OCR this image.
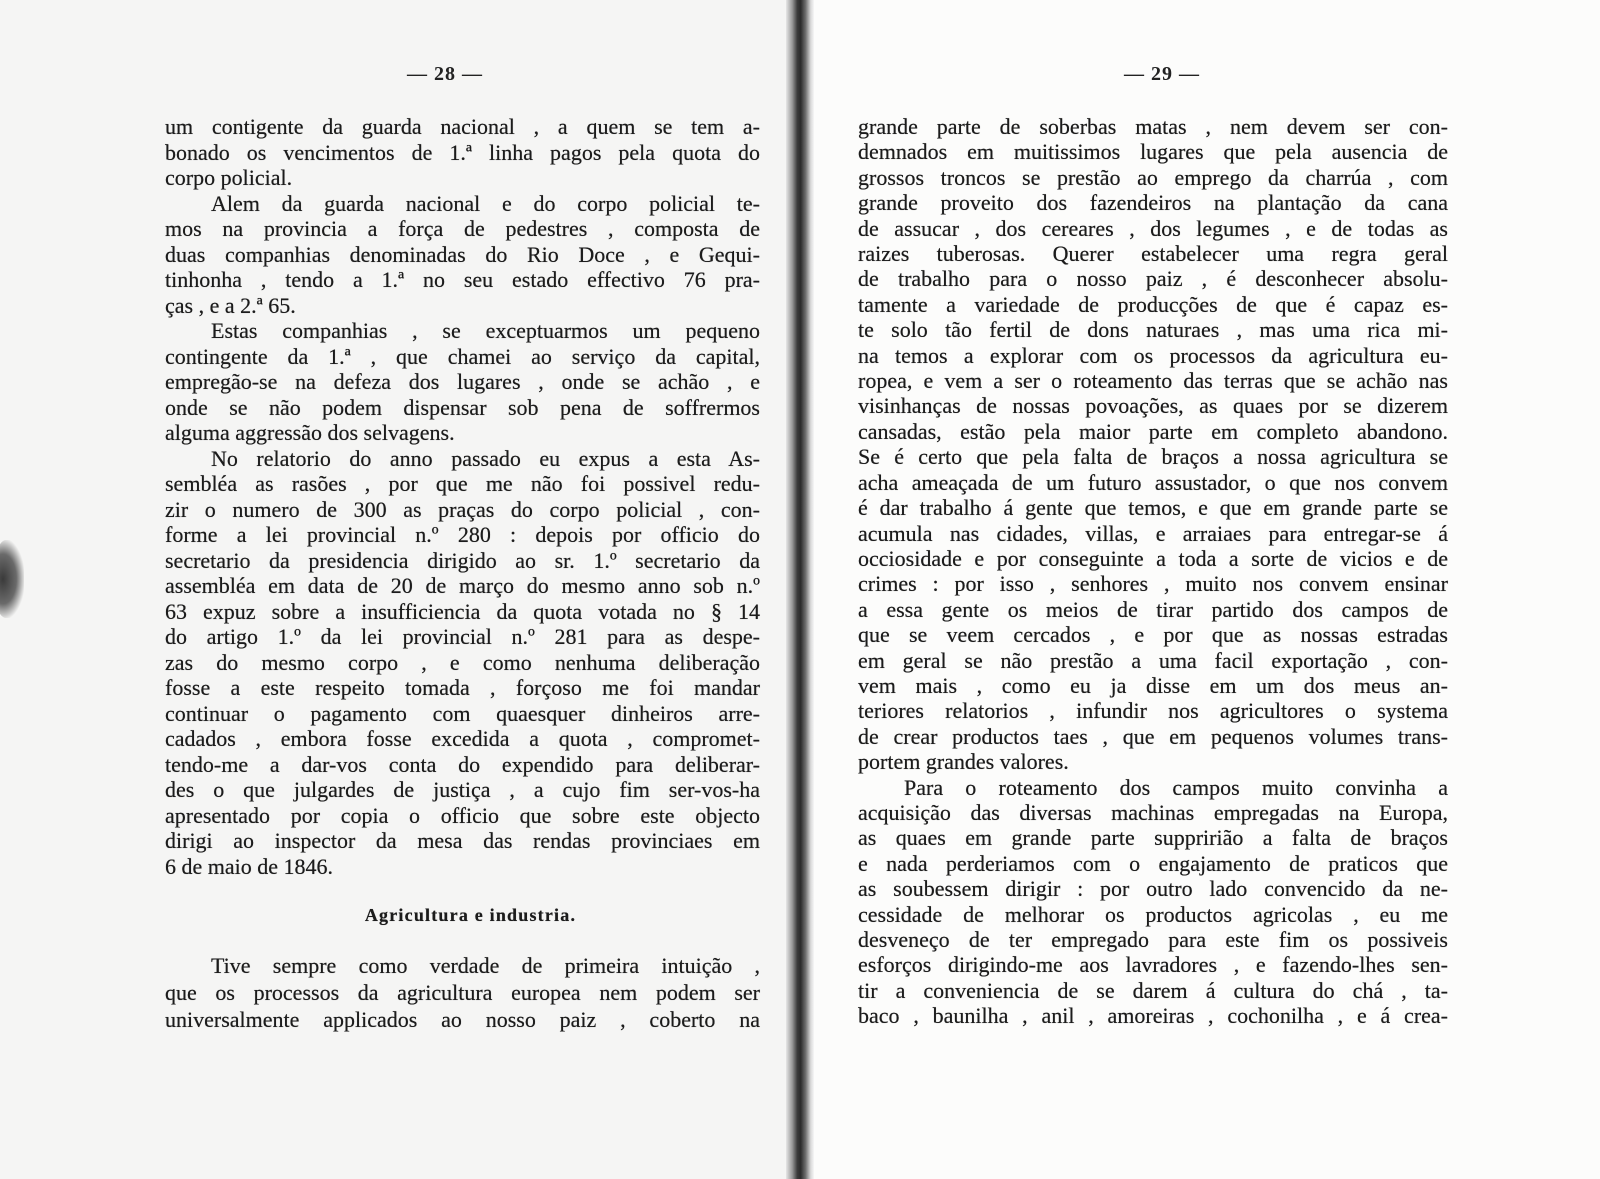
— 28 —
um contigente da guarda nacional , a quem se tem a-
bonado os vencimentos de 1.ª linha pagos pela quota do
corpo policial.
Alem da guarda nacional e do corpo policial te-
mos na provincia a força de pedestres , composta de
duas companhias denominadas do Rio Doce , e Gequi-
tinhonha , tendo a 1.ª no seu estado effectivo 76 pra-
ças , e a 2.ª 65.
Estas companhias , se exceptuarmos um pequeno
contingente da 1.ª , que chamei ao serviço da capital,
empregão-se na defeza dos lugares , onde se achão , e
onde se não podem dispensar sob pena de soffrermos
alguma aggressão dos selvagens.
No relatorio do anno passado eu expus a esta As-
sembléa as rasões , por que me não foi possivel redu-
zir o numero de 300 as praças do corpo policial , con-
forme a lei provincial n.º 280 : depois por officio do
secretario da presidencia dirigido ao sr. 1.º secretario da
assembléa em data de 20 de março do mesmo anno sob n.º
63 expuz sobre a insufficiencia da quota votada no § 14
do artigo 1.º da lei provincial n.º 281 para as despe-
zas do mesmo corpo , e como nenhuma deliberação
fosse a este respeito tomada , forçoso me foi mandar
continuar o pagamento com quaesquer dinheiros arre-
cadados , embora fosse excedida a quota , compromet-
tendo-me a dar-vos conta do expendido para deliberar-
des o que julgardes de justiça , a cujo fim ser-vos-ha
apresentado por copia o officio que sobre este objecto
dirigi ao inspector da mesa das rendas provinciaes em
6 de maio de 1846.
Agricultura e industria.
Tive sempre como verdade de primeira intuição ,
que os processos da agricultura europea nem podem ser
universalmente applicados ao nosso paiz , coberto na
— 29 —
grande parte de soberbas matas , nem devem ser con-
demnados em muitissimos lugares que pela ausencia de
grossos troncos se prestão ao emprego da charrúa , com
grande proveito dos fazendeiros na plantação da cana
de assucar , dos cereares , dos legumes , e de todas as
raizes tuberosas. Querer estabelecer uma regra geral
de trabalho para o nosso paiz , é desconhecer absolu-
tamente a variedade de producções de que é capaz es-
te solo tão fertil de dons naturaes , mas uma rica mi-
na temos a explorar com os processos da agricultura eu-
ropea, e vem a ser o roteamento das terras que se achão nas
visinhanças de nossas povoações, as quaes por se dizerem
cansadas, estão pela maior parte em completo abandono.
Se é certo que pela falta de braços a nossa agricultura se
acha ameaçada de um futuro assustador, o que nos convem
é dar trabalho á gente que temos, e que em grande parte se
acumula nas cidades, villas, e arraiaes para entregar-se á
occiosidade e por conseguinte a toda a sorte de vicios e de
crimes : por isso , senhores , muito nos convem ensinar
a essa gente os meios de tirar partido dos campos de
que se veem cercados , e por que as nossas estradas
em geral se não prestão a uma facil exportação , con-
vem mais , como eu ja disse em um dos meus an-
teriores relatorios , infundir nos agricultores o systema
de crear productos taes , que em pequenos volumes trans-
portem grandes valores.
Para o roteamento dos campos muito convinha a
acquisição das diversas machinas empregadas na Europa,
as quaes em grande parte suppririão a falta de braços
e nada perderiamos com o engajamento de praticos que
as soubessem dirigir : por outro lado convencido da ne-
cessidade de melhorar os productos agricolas , eu me
desveneço de ter empregado para este fim os possiveis
esforços dirigindo-me aos lavradores , e fazendo-lhes sen-
tir a conveniencia de se darem á cultura do chá , ta-
baco , baunilha , anil , amoreiras , cochonilha , e á crea-
